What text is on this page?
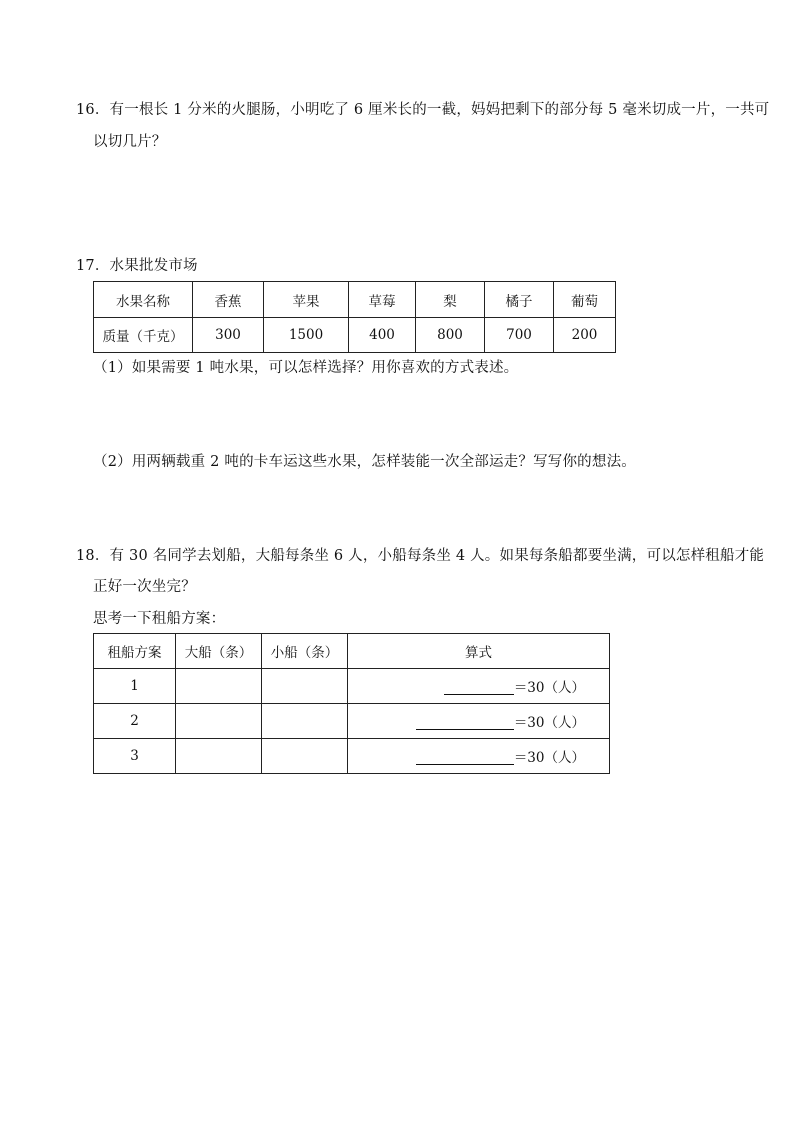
16．有一根长 1 分米的火腿肠，小明吃了 6 厘米长的一截，妈妈把剩下的部分每 5 毫米切成一片，一共可
以切几片？
17．水果批发市场
水果名称	香蕉	苹果	草莓	梨	橘子	葡萄
质量（千克）	300	1500	400	800	700	200
（1）如果需要 1 吨水果，可以怎样选择？用你喜欢的方式表述。
（2）用两辆载重 2 吨的卡车运这些水果，怎样装能一次全部运走？写写你的想法。
18．有 30 名同学去划船，大船每条坐 6 人，小船每条坐 4 人。如果每条船都要坐满，可以怎样租船才能
正好一次坐完？
思考一下租船方案：
租船方案	大船（条）	小船（条）	算式
1			＝30（人）
2			＝30（人）
3			＝30（人）
